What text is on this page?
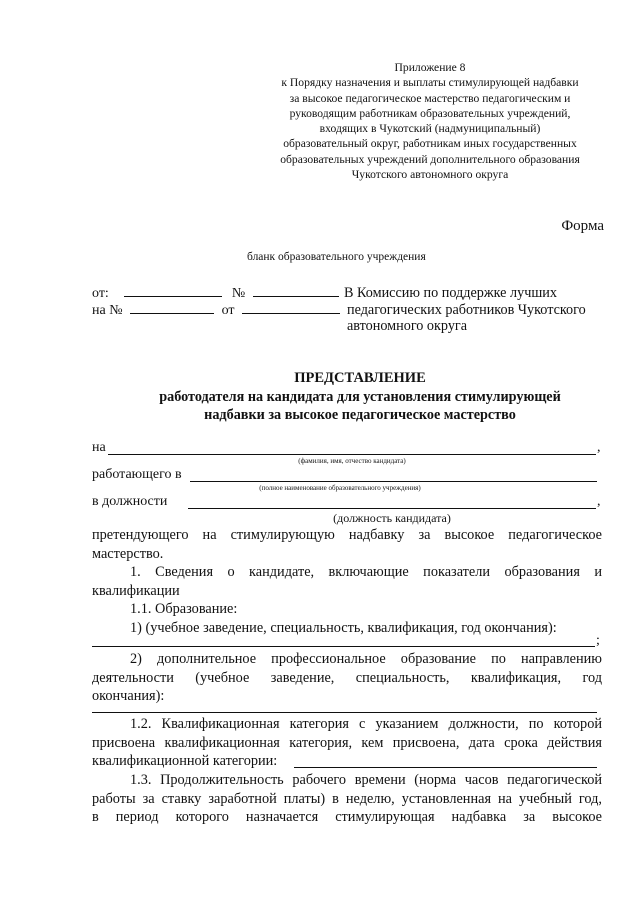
Приложение 8
к Порядку назначения и выплаты стимулирующей надбавки
за высокое педагогическое мастерство педагогическим и
руководящим работникам образовательных учреждений,
входящих в Чукотский (надмуниципальный)
образовательный округ, работникам иных государственных
образовательных учреждений дополнительного образования
Чукотского автономного округа
Форма
бланк образовательного учреждения
от:	№
на №	от
В Комиссию по поддержке лучших
педагогических работников Чукотского
автономного округа
ПРЕДСТАВЛЕНИЕ
работодателя на кандидата для установления стимулирующей
надбавки за высокое педагогическое мастерство
на	,
(фамилия, имя, отчество кандидата)
работающего в
(полное наименование образовательного учреждения)
в должности	,
(должность кандидата)
претендующего на стимулирующую надбавку за высокое педагогическое
мастерство.
1. Сведения о кандидате, включающие показатели образования и
квалификации
1.1. Образование:
1) (учебное заведение, специальность, квалификация, год окончания):
;
2) дополнительное профессиональное образование по направлению
деятельности (учебное заведение, специальность, квалификация, год
окончания):
1.2. Квалификационная категория с указанием должности, по которой
присвоена квалификационная категория, кем присвоена, дата срока действия
квалификационной категории:
1.3. Продолжительность рабочего времени (норма часов педагогической
работы за ставку заработной платы) в неделю, установленная на учебный год,
в период которого назначается стимулирующая надбавка за высокое
